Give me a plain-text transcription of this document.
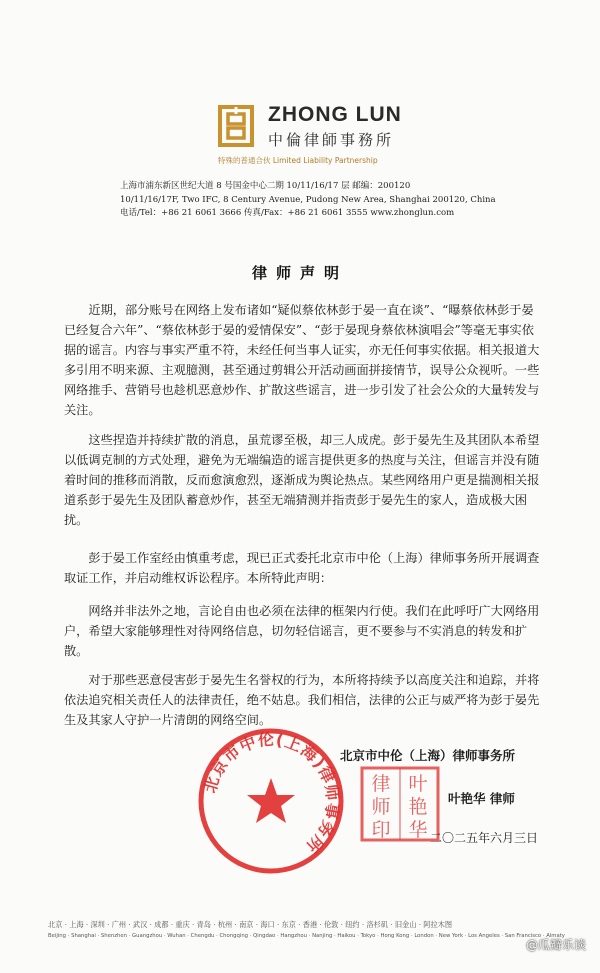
ZHONG LUN
中倫律師事務所
特殊的普通合伙 Limited Liability Partnership
上海市浦东新区世纪大道 8 号国金中心二期 10/11/16/17 层 邮编：200120
10/11/16/17F, Two IFC, 8 Century Avenue, Pudong New Area, Shanghai 200120, China
电话/Tel：+86 21 6061 3666 传真/Fax：+86 21 6061 3555 www.zhonglun.com
律师声明

近期，部分账号在网络上发布诸如“疑似蔡依林彭于晏一直在谈”、“曝蔡依林彭于晏已经复合六年”、“蔡依林彭于晏的爱情保安”、“彭于晏现身蔡依林演唱会”等毫无事实依据的谣言。内容与事实严重不符，未经任何当事人证实，亦无任何事实依据。相关报道大多引用不明来源、主观臆测，甚至通过剪辑公开活动画面拼接情节，误导公众视听。一些网络推手、营销号也趁机恶意炒作、扩散这些谣言，进一步引发了社会公众的大量转发与关注。

这些捏造并持续扩散的消息，虽荒谬至极，却三人成虎。彭于晏先生及其团队本希望以低调克制的方式处理，避免为无端编造的谣言提供更多的热度与关注，但谣言并没有随着时间的推移而消散，反而愈演愈烈，逐渐成为舆论热点。某些网络用户更是揣测相关报道系彭于晏先生及团队蓄意炒作，甚至无端猜测并指责彭于晏先生的家人，造成极大困扰。

彭于晏工作室经由慎重考虑，现已正式委托北京市中伦（上海）律师事务所开展调查取证工作，并启动维权诉讼程序。本所特此声明：

网络并非法外之地，言论自由也必须在法律的框架内行使。我们在此呼吁广大网络用户，希望大家能够理性对待网络信息，切勿轻信谣言，更不要参与不实消息的转发和扩散。

对于那些恶意侵害彭于晏先生名誉权的行为，本所将持续予以高度关注和追踪，并将依法追究相关责任人的法律责任，绝不姑息。我们相信，法律的公正与威严将为彭于晏先生及其家人守护一片清朗的网络空间。

北京市中伦(上海)律师事务所
叶
艳
华
律
师
印
北京市中伦（上海）律师事务所
叶艳华 律师
二〇二五年六月三日
北京 · 上海 · 深圳 · 广州 · 武汉 · 成都 · 重庆 · 青岛 · 杭州 · 南京 · 海口 · 东京 · 香港 · 伦敦 · 纽约 · 洛杉矶 · 旧金山 · 阿拉木图
Beijing · Shanghai · Shenzhen · Guangzhou · Wuhan · Chengdu · Chongqing · Qingdao · Hangzhou · Nanjing · Haikou · Tokyo · Hong Kong · London · New York · Los Angeles · San Francisco · Almaty
@瓜瓣乐谈
